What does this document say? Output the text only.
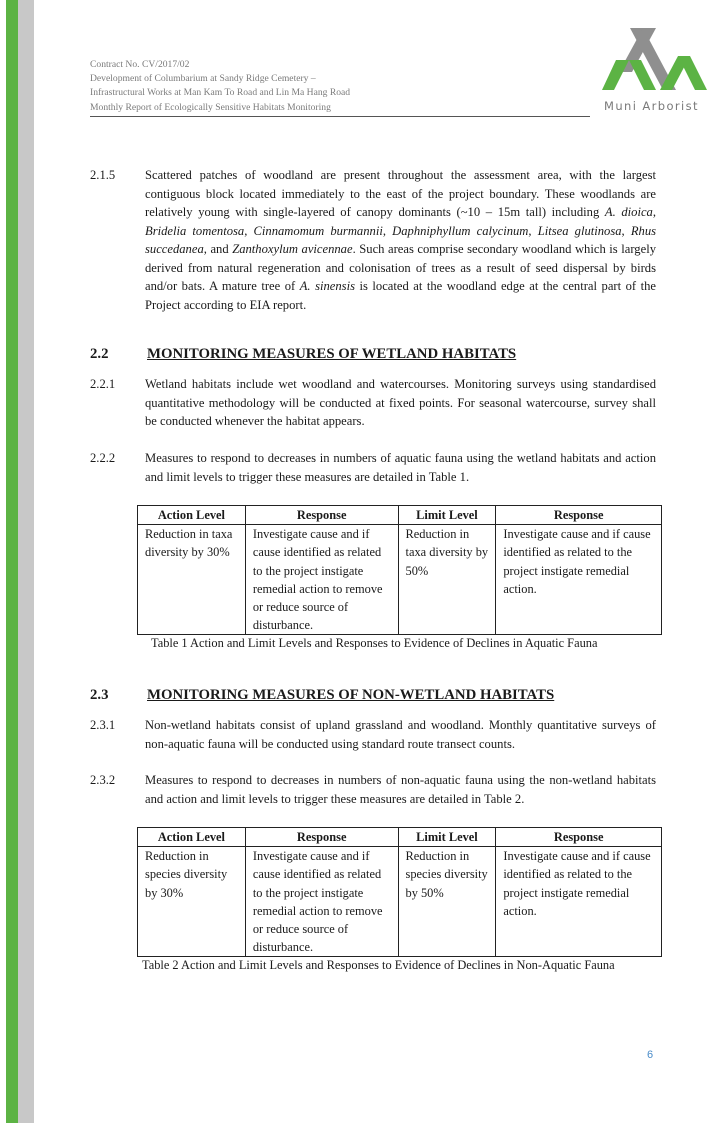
Contract No. CV/2017/02
Development of Columbarium at Sandy Ridge Cemetery –
Infrastructural Works at Man Kam To Road and Lin Ma Hang Road
Monthly Report of Ecologically Sensitive Habitats Monitoring	Muni Arborist
2.1.5 Scattered patches of woodland are present throughout the assessment area, with the largest contiguous block located immediately to the east of the project boundary. These woodlands are relatively young with single-layered of canopy dominants (~10 – 15m tall) including A. dioica, Bridelia tomentosa, Cinnamomum burmannii, Daphniphyllum calycinum, Litsea glutinosa, Rhus succedanea, and Zanthoxylum avicennae. Such areas comprise secondary woodland which is largely derived from natural regeneration and colonisation of trees as a result of seed dispersal by birds and/or bats. A mature tree of A. sinensis is located at the woodland edge at the central part of the Project according to EIA report.
2.2	MONITORING MEASURES OF WETLAND HABITATS
2.2.1 Wetland habitats include wet woodland and watercourses. Monitoring surveys using standardised quantitative methodology will be conducted at fixed points. For seasonal watercourse, survey shall be conducted whenever the habitat appears.
2.2.2 Measures to respond to decreases in numbers of aquatic fauna using the wetland habitats and action and limit levels to trigger these measures are detailed in Table 1.
Action Level	Response	Limit Level	Response
Reduction in taxa diversity by 30%	Investigate cause and if cause identified as related to the project instigate remedial action to remove or reduce source of disturbance.	Reduction in taxa diversity by 50%	Investigate cause and if cause identified as related to the project instigate remedial action.
Table 1 Action and Limit Levels and Responses to Evidence of Declines in Aquatic Fauna
2.3	MONITORING MEASURES OF NON-WETLAND HABITATS
2.3.1 Non-wetland habitats consist of upland grassland and woodland. Monthly quantitative surveys of non-aquatic fauna will be conducted using standard route transect counts.
2.3.2 Measures to respond to decreases in numbers of non-aquatic fauna using the non-wetland habitats and action and limit levels to trigger these measures are detailed in Table 2.
Action Level	Response	Limit Level	Response
Reduction in species diversity by 30%	Investigate cause and if cause identified as related to the project instigate remedial action to remove or reduce source of disturbance.	Reduction in species diversity by 50%	Investigate cause and if cause identified as related to the project instigate remedial action.
Table 2 Action and Limit Levels and Responses to Evidence of Declines in Non-Aquatic Fauna
6
